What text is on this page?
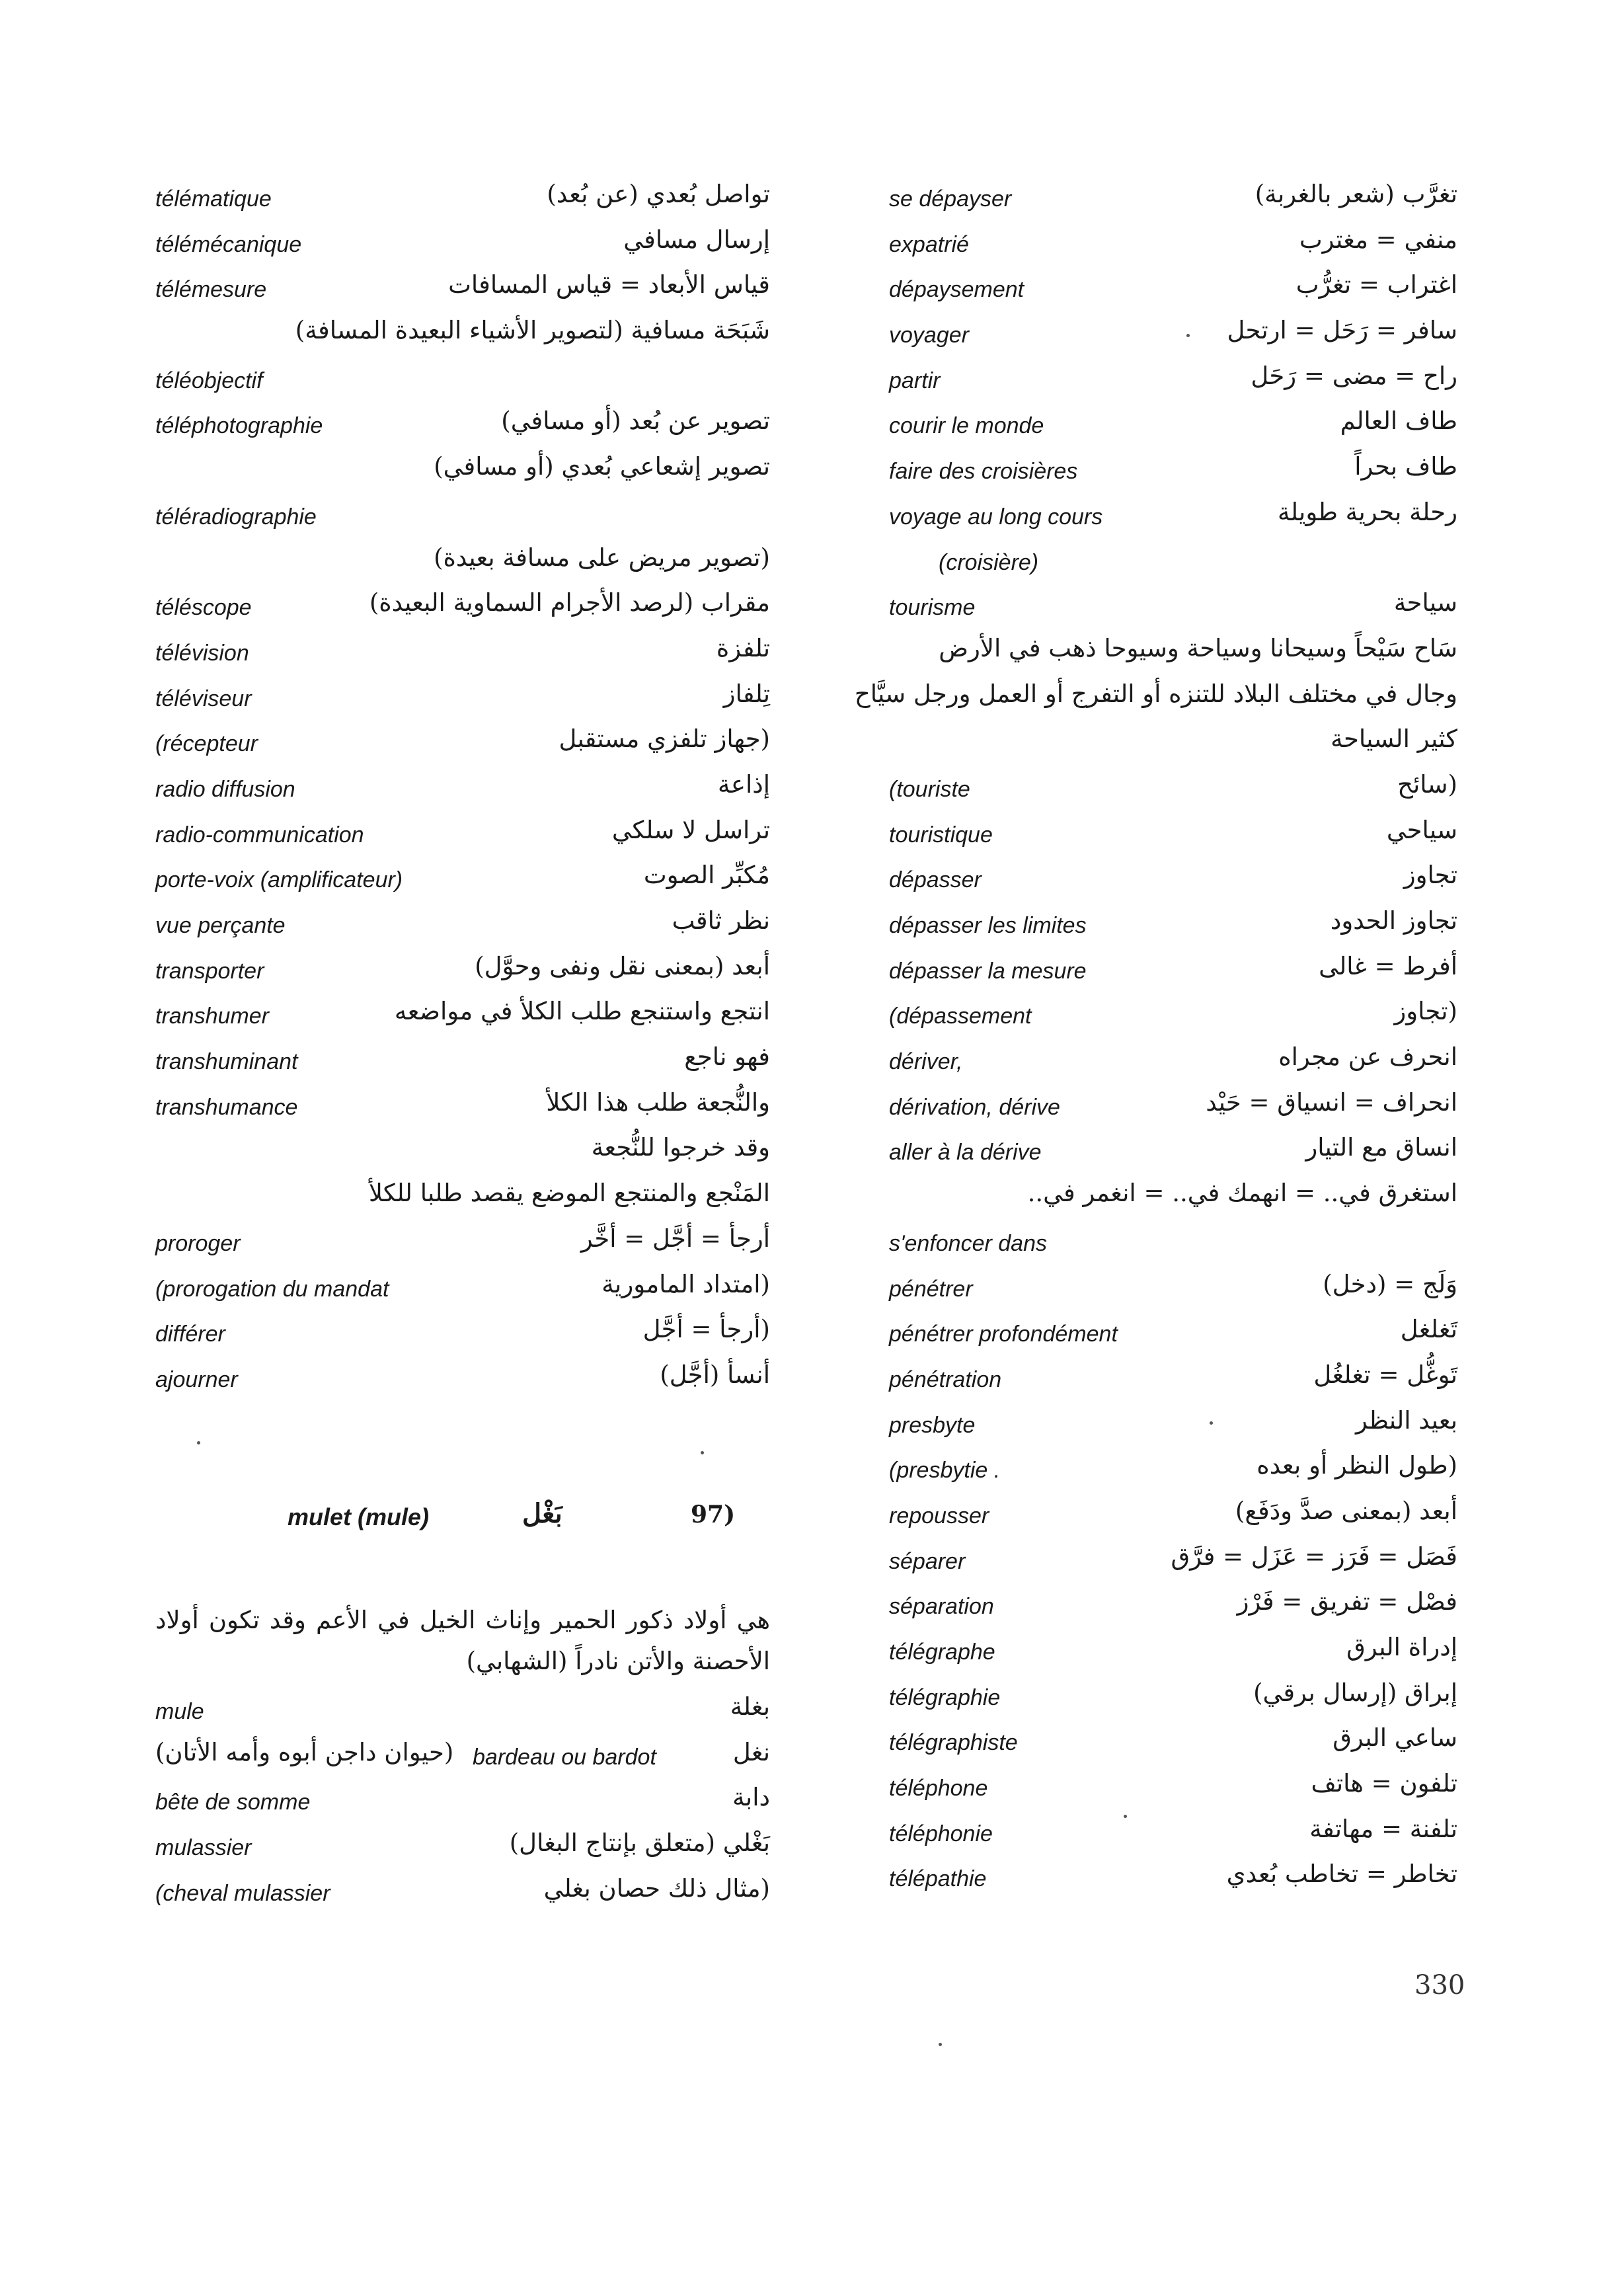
télématique	تواصل بُعدي (عن بُعد)
télémécanique	إرسال مسافي
télémesure	قياس الأبعاد = قياس المسافات
شَبَحَة مسافية (لتصوير الأشياء البعيدة المسافة)
téléobjectif
téléphotographie	تصوير عن بُعد (أو مسافي)
تصوير إشعاعي بُعدي (أو مسافي)
téléradiographie
(تصوير مريض على مسافة بعيدة)
téléscope	مقراب (لرصد الأجرام السماوية البعيدة)
télévision	تلفزة
téléviseur	تِلفاز
(récepteur	(جهاز تلفزي مستقبل
radio diffusion	إذاعة
radio-communication	تراسل لا سلكي
porte-voix (amplificateur)	مُكبِّر الصوت
vue perçante	نظر ثاقب
transporter	أبعد (بمعنى نقل ونفى وحوَّل)
transhumer	انتجع واستنجع طلب الكلأ في مواضعه
transhuminant	فهو ناجع
transhumance	والنُّجعة طلب هذا الكلأ
وقد خرجوا للنُّجعة
المَنْجع والمنتجع الموضع يقصد طلبا للكلأ
proroger	أرجأ = أجَّل = أخَّر
(prorogation du mandat	(امتداد المامورية
différer	(أرجأ = أجَّل
ajourner	أنسأ (أجَّل)
mulet (mule)	بَغْل	97)
هي أولاد ذكور الحمير وإناث الخيل في الأعم وقد تكون أولاد الأحصنة والأتن نادراً (الشهابي)
mule	بغلة
bardeau ou bardot	نغل
(حيوان داجن أبوه وأمه الأتان)
bête de somme	دابة
mulassier	بَغْلي (متعلق بإنتاج البغال)
(cheval mulassier	(مثال ذلك حصان بغلي
se dépayser	تغرَّب (شعر بالغربة)
expatrié	منفي = مغترب
dépaysement	اغتراب = تغرُّب
voyager	سافر = رَحَل = ارتحل
partir	راح = مضى = رَحَل
courir le monde	طاف العالم
faire des croisières	طاف بحراً
voyage au long cours	رحلة بحرية طويلة
(croisière)
tourisme	سياحة
سَاح سَيْحاً وسيحانا وسياحة وسيوحا ذهب في الأرض
وجال في مختلف البلاد للتنزه أو التفرج أو العمل ورجل سيَّاح
كثير السياحة
(touriste	(سائح
touristique	سياحي
dépasser	تجاوز
dépasser les limites	تجاوز الحدود
dépasser la mesure	أفرط = غالى
(dépassement	(تجاوز
dériver,	انحرف عن مجراه
dérivation, dérive	انحراف = انسياق = حَيْد
aller à la dérive	انساق مع التيار
استغرق في.. = انهمك في.. = انغمر في..
s'enfoncer dans
pénétrer	وَلَج = (دخل)
pénétrer profondément	تَغلغل
pénétration	تَوغُّل = تغلغُل
presbyte	بعيد النظر
(presbytie .	(طول النظر أو بعده
repousser	أبعد (بمعنى صدَّ ودَفَع)
séparer	فَصَل = فَرَز = عَزَل = فرَّق
séparation	فصْل = تفريق = فَرْز
télégraphe	إدراة البرق
télégraphie	إبراق (إرسال برقي)
télégraphiste	ساعي البرق
téléphone	تلفون = هاتف
téléphonie	تلفنة = مهاتفة
télépathie	تخاطر = تخاطب بُعدي
330
